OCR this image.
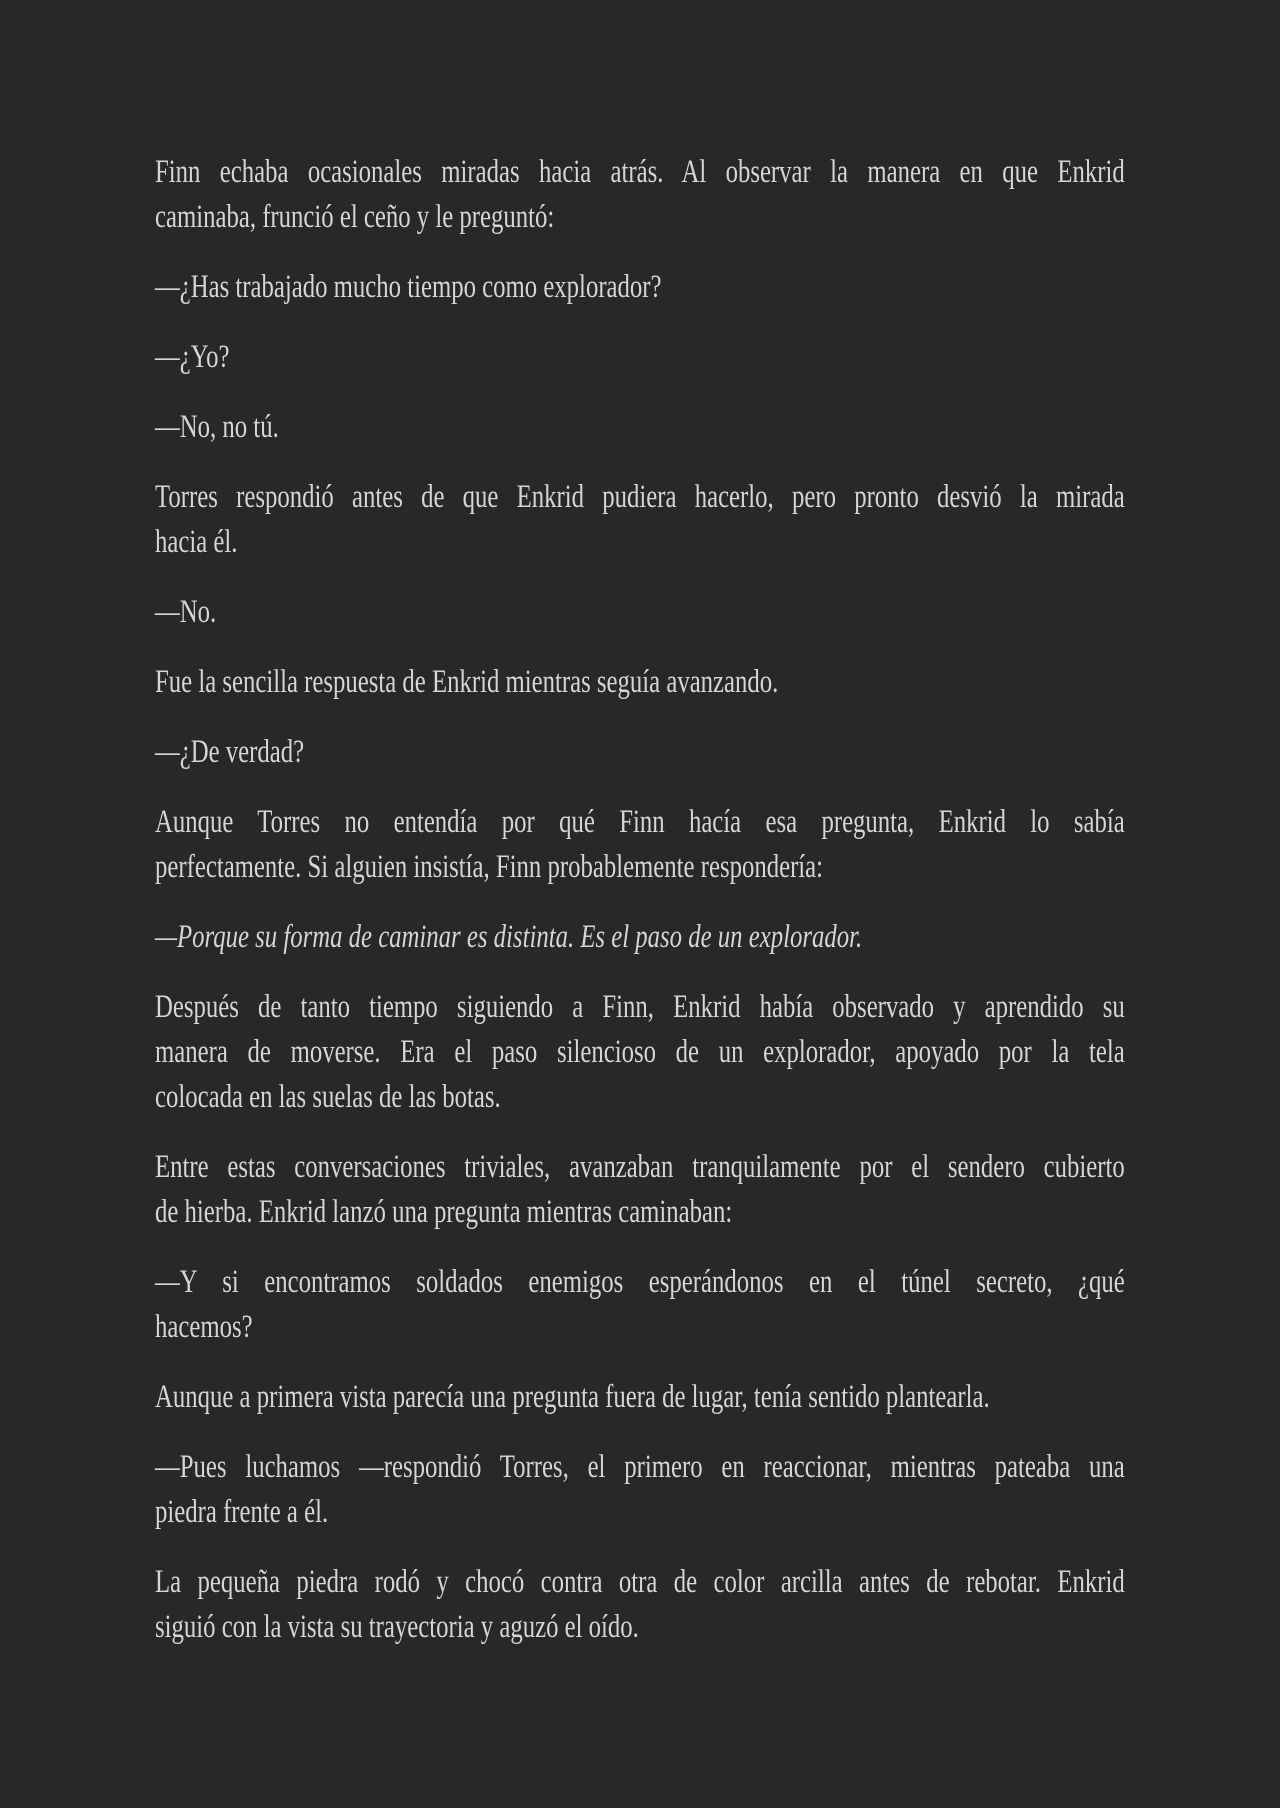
Finn echaba ocasionales miradas hacia atrás. Al observar la manera en que Enkrid
caminaba, frunció el ceño y le preguntó:
—¿Has trabajado mucho tiempo como explorador?
—¿Yo?
—No, no tú.
Torres respondió antes de que Enkrid pudiera hacerlo, pero pronto desvió la mirada
hacia él.
—No.
Fue la sencilla respuesta de Enkrid mientras seguía avanzando.
—¿De verdad?
Aunque Torres no entendía por qué Finn hacía esa pregunta, Enkrid lo sabía
perfectamente. Si alguien insistía, Finn probablemente respondería:
—Porque su forma de caminar es distinta. Es el paso de un explorador.
Después de tanto tiempo siguiendo a Finn, Enkrid había observado y aprendido su
manera de moverse. Era el paso silencioso de un explorador, apoyado por la tela
colocada en las suelas de las botas.
Entre estas conversaciones triviales, avanzaban tranquilamente por el sendero cubierto
de hierba. Enkrid lanzó una pregunta mientras caminaban:
—Y si encontramos soldados enemigos esperándonos en el túnel secreto, ¿qué
hacemos?
Aunque a primera vista parecía una pregunta fuera de lugar, tenía sentido plantearla.
—Pues luchamos —respondió Torres, el primero en reaccionar, mientras pateaba una
piedra frente a él.
La pequeña piedra rodó y chocó contra otra de color arcilla antes de rebotar. Enkrid
siguió con la vista su trayectoria y aguzó el oído.
